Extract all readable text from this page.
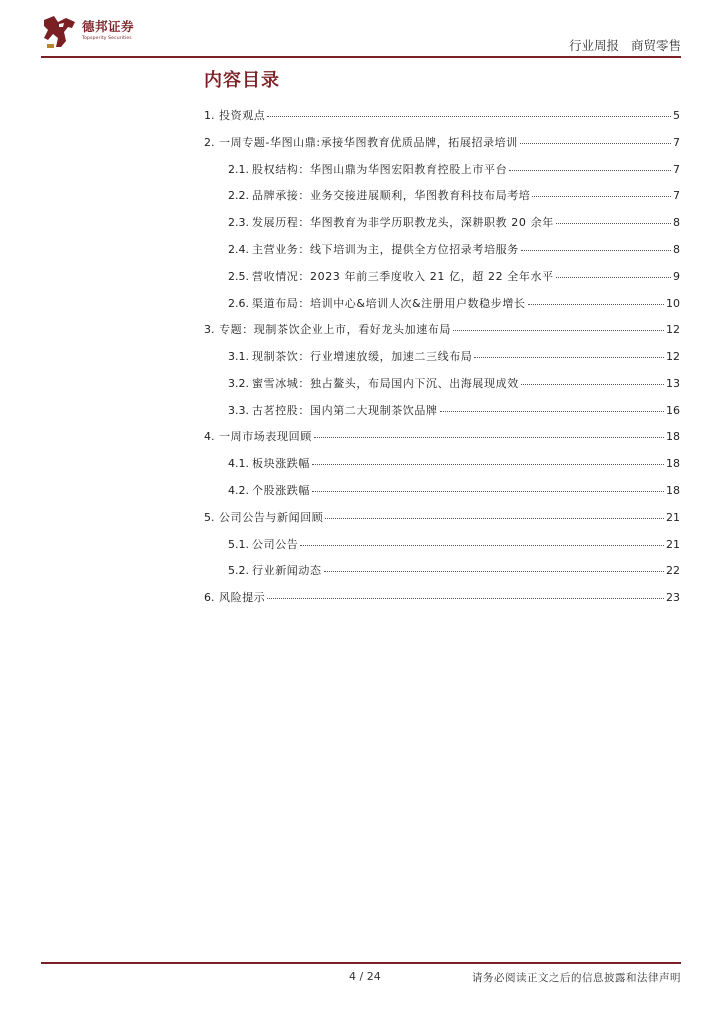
德邦证券
Topsperity Securities	行业周报 商贸零售
内容目录
1. 投资观点	5
2. 一周专题-华图山鼎:承接华图教育优质品牌，拓展招录培训	7
2.1. 股权结构：华图山鼎为华图宏阳教育控股上市平台	7
2.2. 品牌承接：业务交接进展顺利，华图教育科技布局考培	7
2.3. 发展历程：华图教育为非学历职教龙头，深耕职教 20 余年	8
2.4. 主营业务：线下培训为主，提供全方位招录考培服务	8
2.5. 营收情况：2023 年前三季度收入 21 亿，超 22 全年水平	9
2.6. 渠道布局：培训中心&培训人次&注册用户数稳步增长	10
3. 专题：现制茶饮企业上市，看好龙头加速布局	12
3.1. 现制茶饮：行业增速放缓，加速二三线布局	12
3.2. 蜜雪冰城：独占鳌头，布局国内下沉、出海展现成效	13
3.3. 古茗控股：国内第二大现制茶饮品牌	16
4. 一周市场表现回顾	18
4.1. 板块涨跌幅	18
4.2. 个股涨跌幅	18
5. 公司公告与新闻回顾	21
5.1. 公司公告	21
5.2. 行业新闻动态	22
6. 风险提示	23
4 / 24	请务必阅读正文之后的信息披露和法律声明
